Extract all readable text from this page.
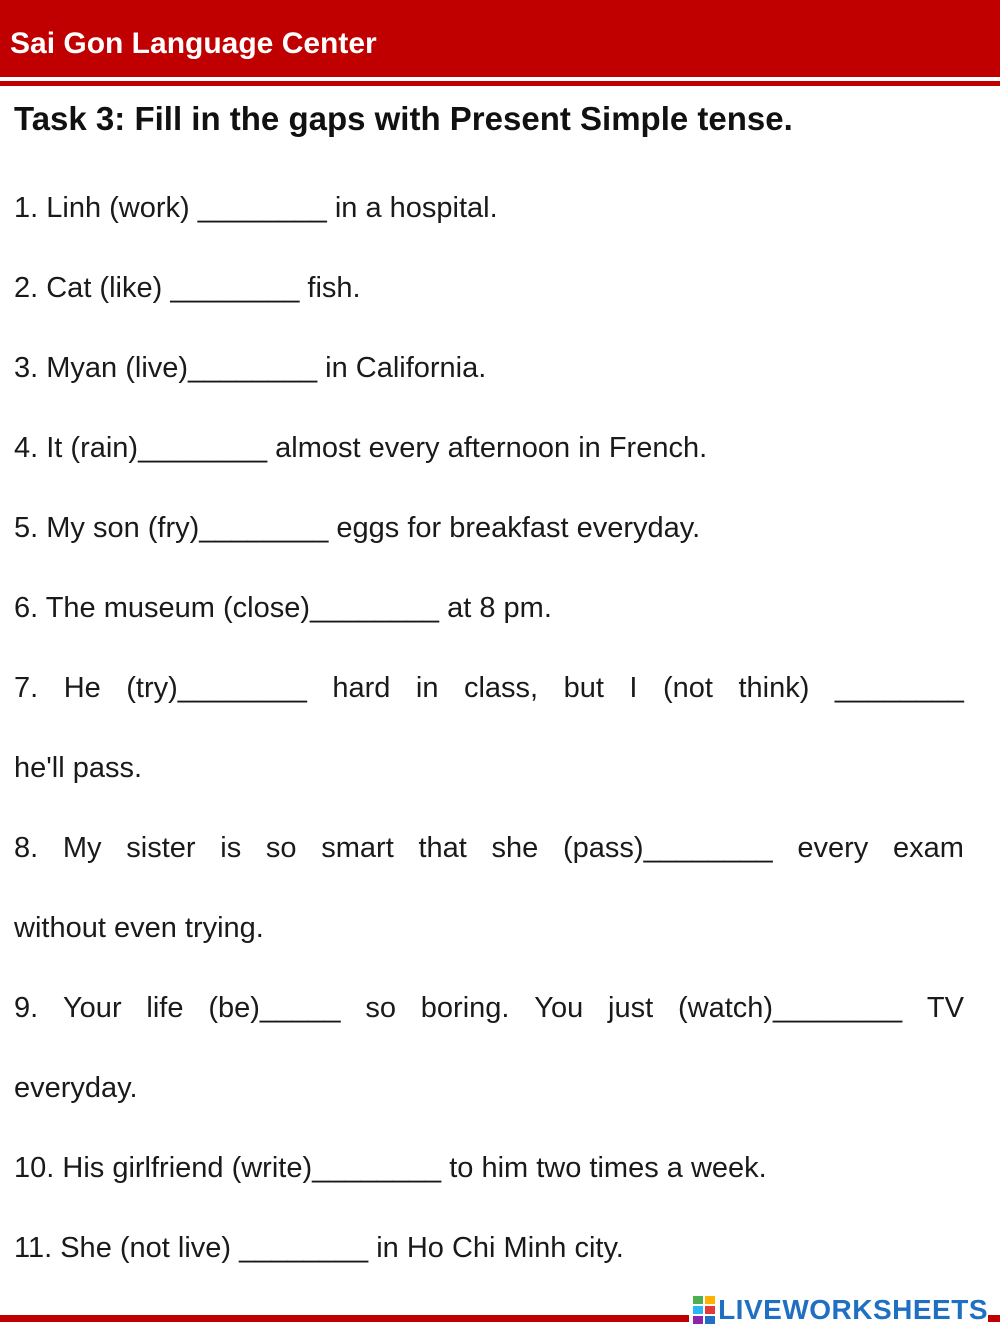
Sai Gon Language Center
Task 3: Fill in the gaps with Present Simple tense.
1. Linh (work) ________ in a hospital.
2. Cat (like) ________ fish.
3. Myan (live)________ in California.
4. It (rain)________ almost every afternoon in French.
5. My son (fry)________ eggs for breakfast everyday.
6. The museum (close)________ at 8 pm.
7. He (try)________ hard in class, but I (not think) ________
he'll pass.
8. My sister is so smart that she (pass)________ every exam
without even trying.
9. Your life (be)_____ so boring. You just (watch)________ TV
everyday.
10. His girlfriend (write)________ to him two times a week.
11. She (not live) ________ in Ho Chi Minh city.
LIVEWORKSHEETS
